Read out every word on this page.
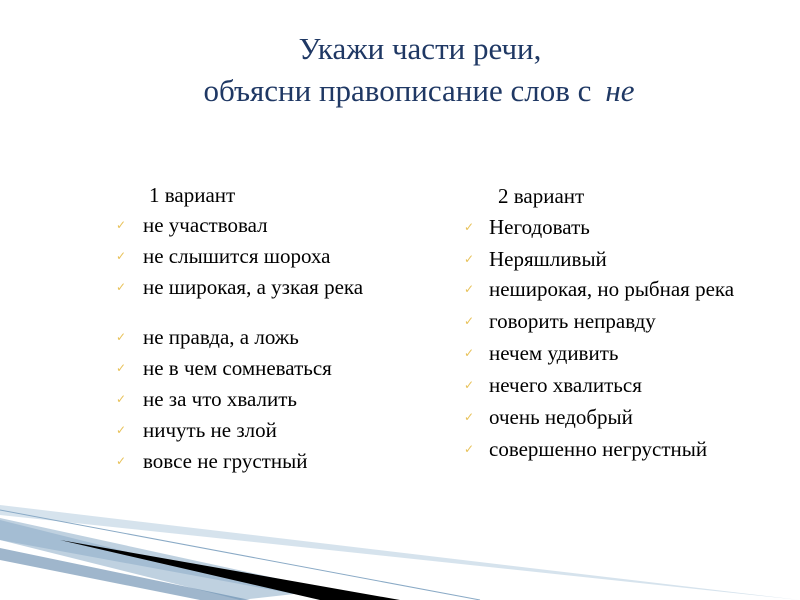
Укажи части речи,
объясни правописание слов с не

1 вариант

✓ не участвовал
✓ не слышится шороха
✓ не широкая, а узкая река
✓ не правда, а ложь
✓ не в чем сомневаться
✓ не за что хвалить
✓ ничуть не злой
✓ вовсе не грустный

2 вариант

✓ Негодовать
✓ Неряшливый
✓ неширокая, но рыбная река
✓ говорить неправду
✓ нечем удивить
✓ нечего хвалиться
✓ очень недобрый
✓ совершенно негрустный
